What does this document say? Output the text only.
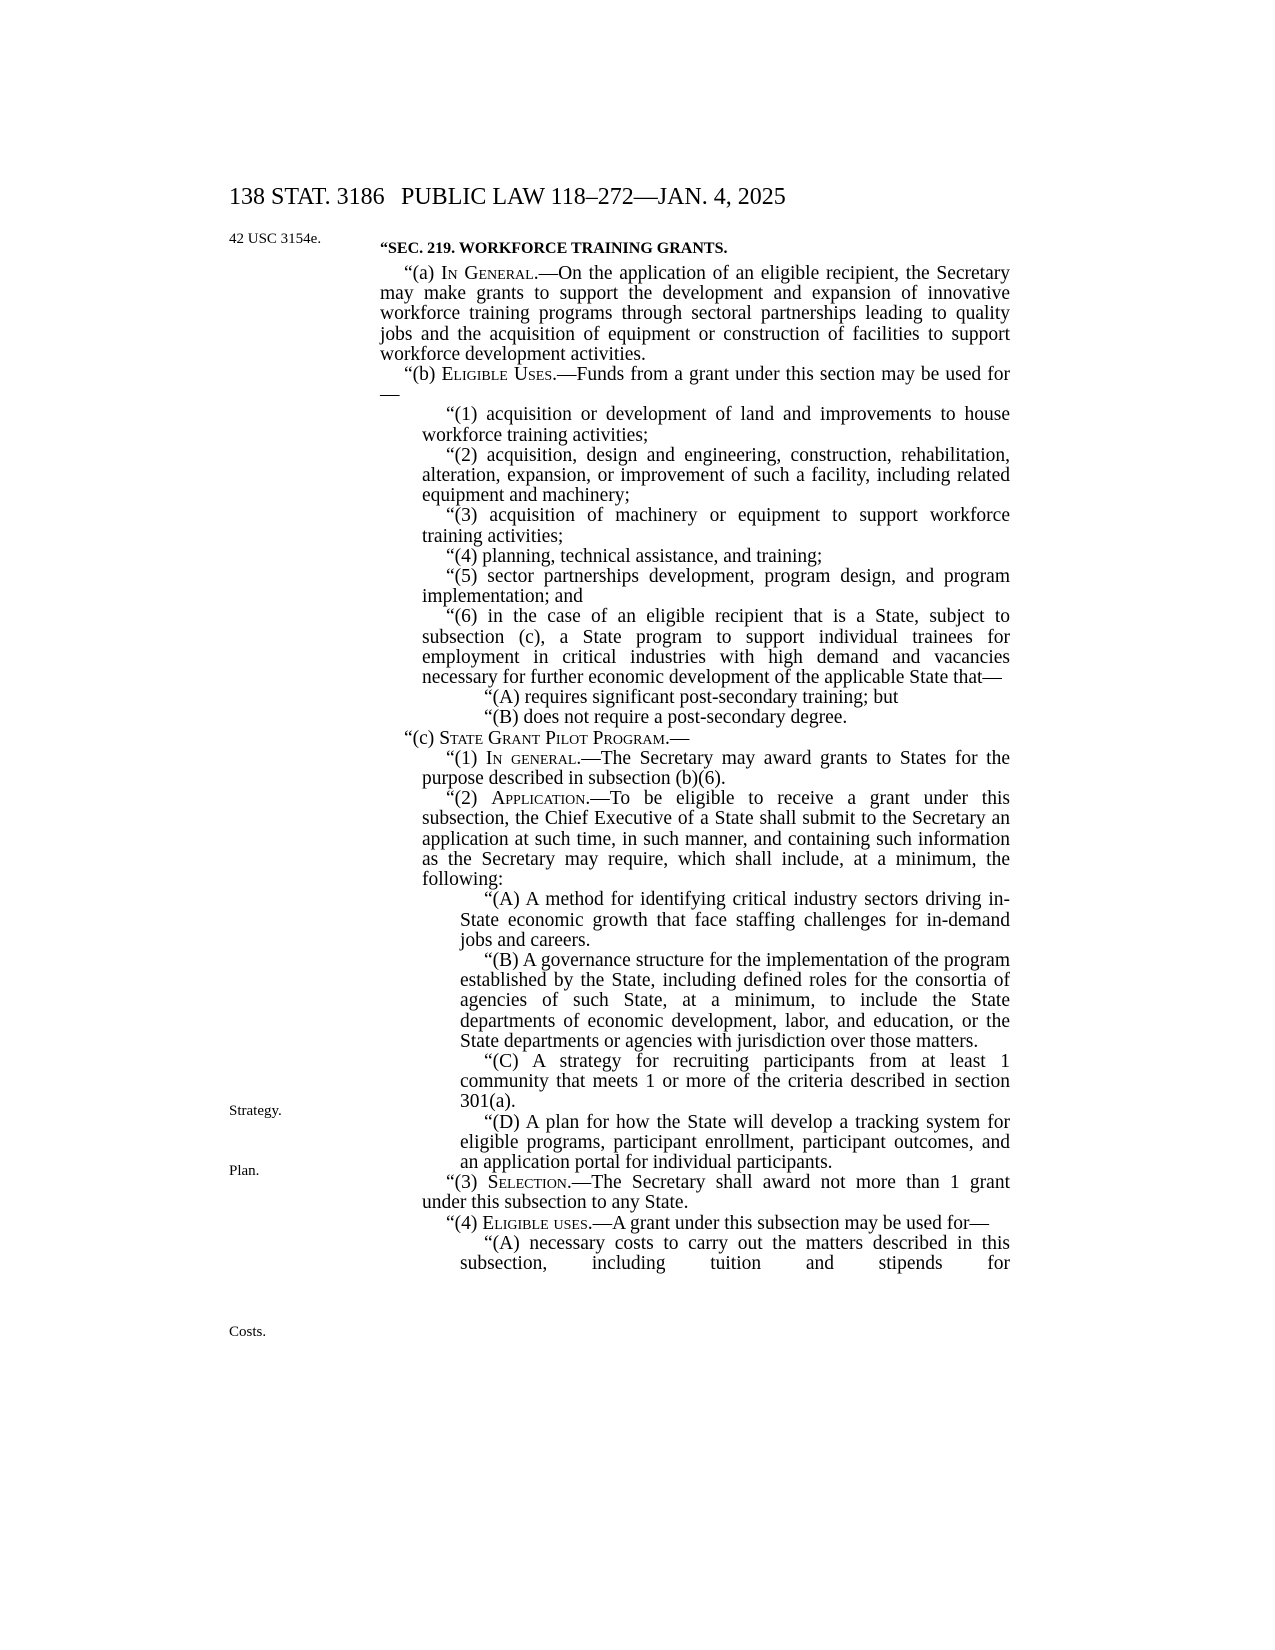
138 STAT. 3186 PUBLIC LAW 118–272—JAN. 4, 2025
42 USC 3154e.
Strategy.
Plan.
Costs.
“SEC. 219. WORKFORCE TRAINING GRANTS.

“(a) In General.—On the application of an eligible recipient, the Secretary may make grants to support the development and expansion of innovative workforce training programs through sectoral partnerships leading to quality jobs and the acquisition of equipment or construction of facilities to support workforce development activities.

“(b) Eligible Uses.—Funds from a grant under this section may be used for—

“(1) acquisition or development of land and improvements to house workforce training activities;

“(2) acquisition, design and engineering, construction, rehabilitation, alteration, expansion, or improvement of such a facility, including related equipment and machinery;

“(3) acquisition of machinery or equipment to support workforce training activities;

“(4) planning, technical assistance, and training;

“(5) sector partnerships development, program design, and program implementation; and

“(6) in the case of an eligible recipient that is a State, subject to subsection (c), a State program to support individual trainees for employment in critical industries with high demand and vacancies necessary for further economic development of the applicable State that—

“(A) requires significant post-secondary training; but

“(B) does not require a post-secondary degree.

“(c) State Grant Pilot Program.—

“(1) In general.—The Secretary may award grants to States for the purpose described in subsection (b)(6).

“(2) Application.—To be eligible to receive a grant under this subsection, the Chief Executive of a State shall submit to the Secretary an application at such time, in such manner, and containing such information as the Secretary may require, which shall include, at a minimum, the following:

“(A) A method for identifying critical industry sectors driving in-State economic growth that face staffing challenges for in-demand jobs and careers.

“(B) A governance structure for the implementation of the program established by the State, including defined roles for the consortia of agencies of such State, at a minimum, to include the State departments of economic development, labor, and education, or the State departments or agencies with jurisdiction over those matters.

“(C) A strategy for recruiting participants from at least 1 community that meets 1 or more of the criteria described in section 301(a).

“(D) A plan for how the State will develop a tracking system for eligible programs, participant enrollment, participant outcomes, and an application portal for individual participants.

“(3) Selection.—The Secretary shall award not more than 1 grant under this subsection to any State.

“(4) Eligible uses.—A grant under this subsection may be used for—

“(A) necessary costs to carry out the matters described in this subsection, including tuition and stipends for
